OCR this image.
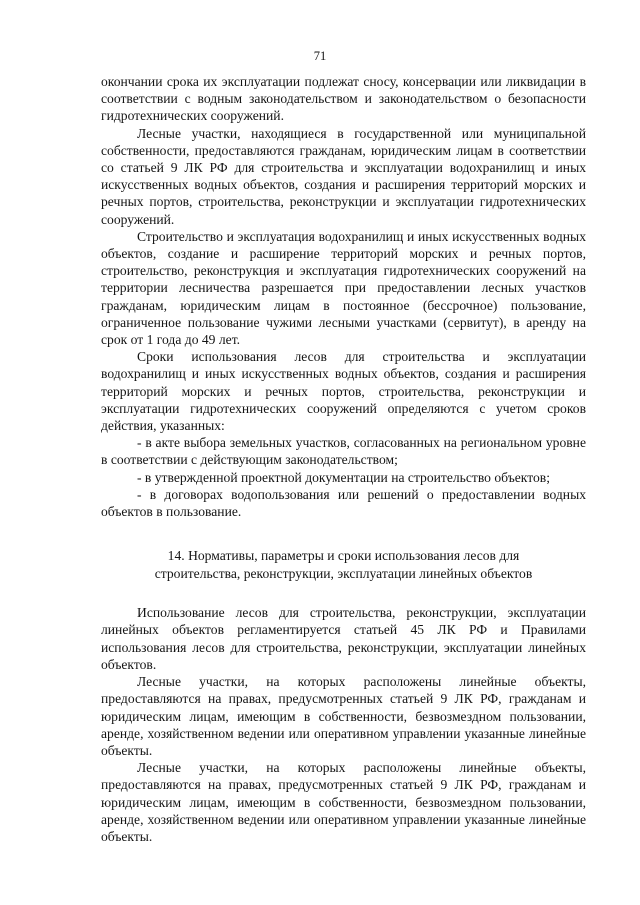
71

окончании срока их эксплуатации подлежат сносу, консервации или ликвидации в соответствии с водным законодательством и законодательством о безопасности гидротехнических сооружений.

Лесные участки, находящиеся в государственной или муниципальной собственности, предоставляются гражданам, юридическим лицам в соответствии со статьей 9 ЛК РФ для строительства и эксплуатации водохранилищ и иных искусственных водных объектов, создания и расширения территорий морских и речных портов, строительства, реконструкции и эксплуатации гидротехнических сооружений.

Строительство и эксплуатация водохранилищ и иных искусственных водных объектов, создание и расширение территорий морских и речных портов, строительство, реконструкция и эксплуатация гидротехнических сооружений на территории лесничества разрешается при предоставлении лесных участков гражданам, юридическим лицам в постоянное (бессрочное) пользование, ограниченное пользование чужими лесными участками (сервитут), в аренду на срок от 1 года до 49 лет.

Сроки использования лесов для строительства и эксплуатации водохранилищ и иных искусственных водных объектов, создания и расширения территорий морских и речных портов, строительства, реконструкции и эксплуатации гидротехнических сооружений определяются с учетом сроков действия, указанных:

- в акте выбора земельных участков, согласованных на региональном уровне в соответствии с действующим законодательством;

- в утвержденной проектной документации на строительство объектов;

- в договорах водопользования или решений о предоставлении водных объектов в пользование.

14. Нормативы, параметры и сроки использования лесов для
строительства, реконструкции, эксплуатации линейных объектов

Использование лесов для строительства, реконструкции, эксплуатации линейных объектов регламентируется статьей 45 ЛК РФ и Правилами использования лесов для строительства, реконструкции, эксплуатации линейных объектов.

Лесные участки, на которых расположены линейные объекты, предоставляются на правах, предусмотренных статьей 9 ЛК РФ, гражданам и юридическим лицам, имеющим в собственности, безвозмездном пользовании, аренде, хозяйственном ведении или оперативном управлении указанные линейные объекты.

Лесные участки, на которых расположены линейные объекты, предоставляются на правах, предусмотренных статьей 9 ЛК РФ, гражданам и юридическим лицам, имеющим в собственности, безвозмездном пользовании, аренде, хозяйственном ведении или оперативном управлении указанные линейные объекты.
